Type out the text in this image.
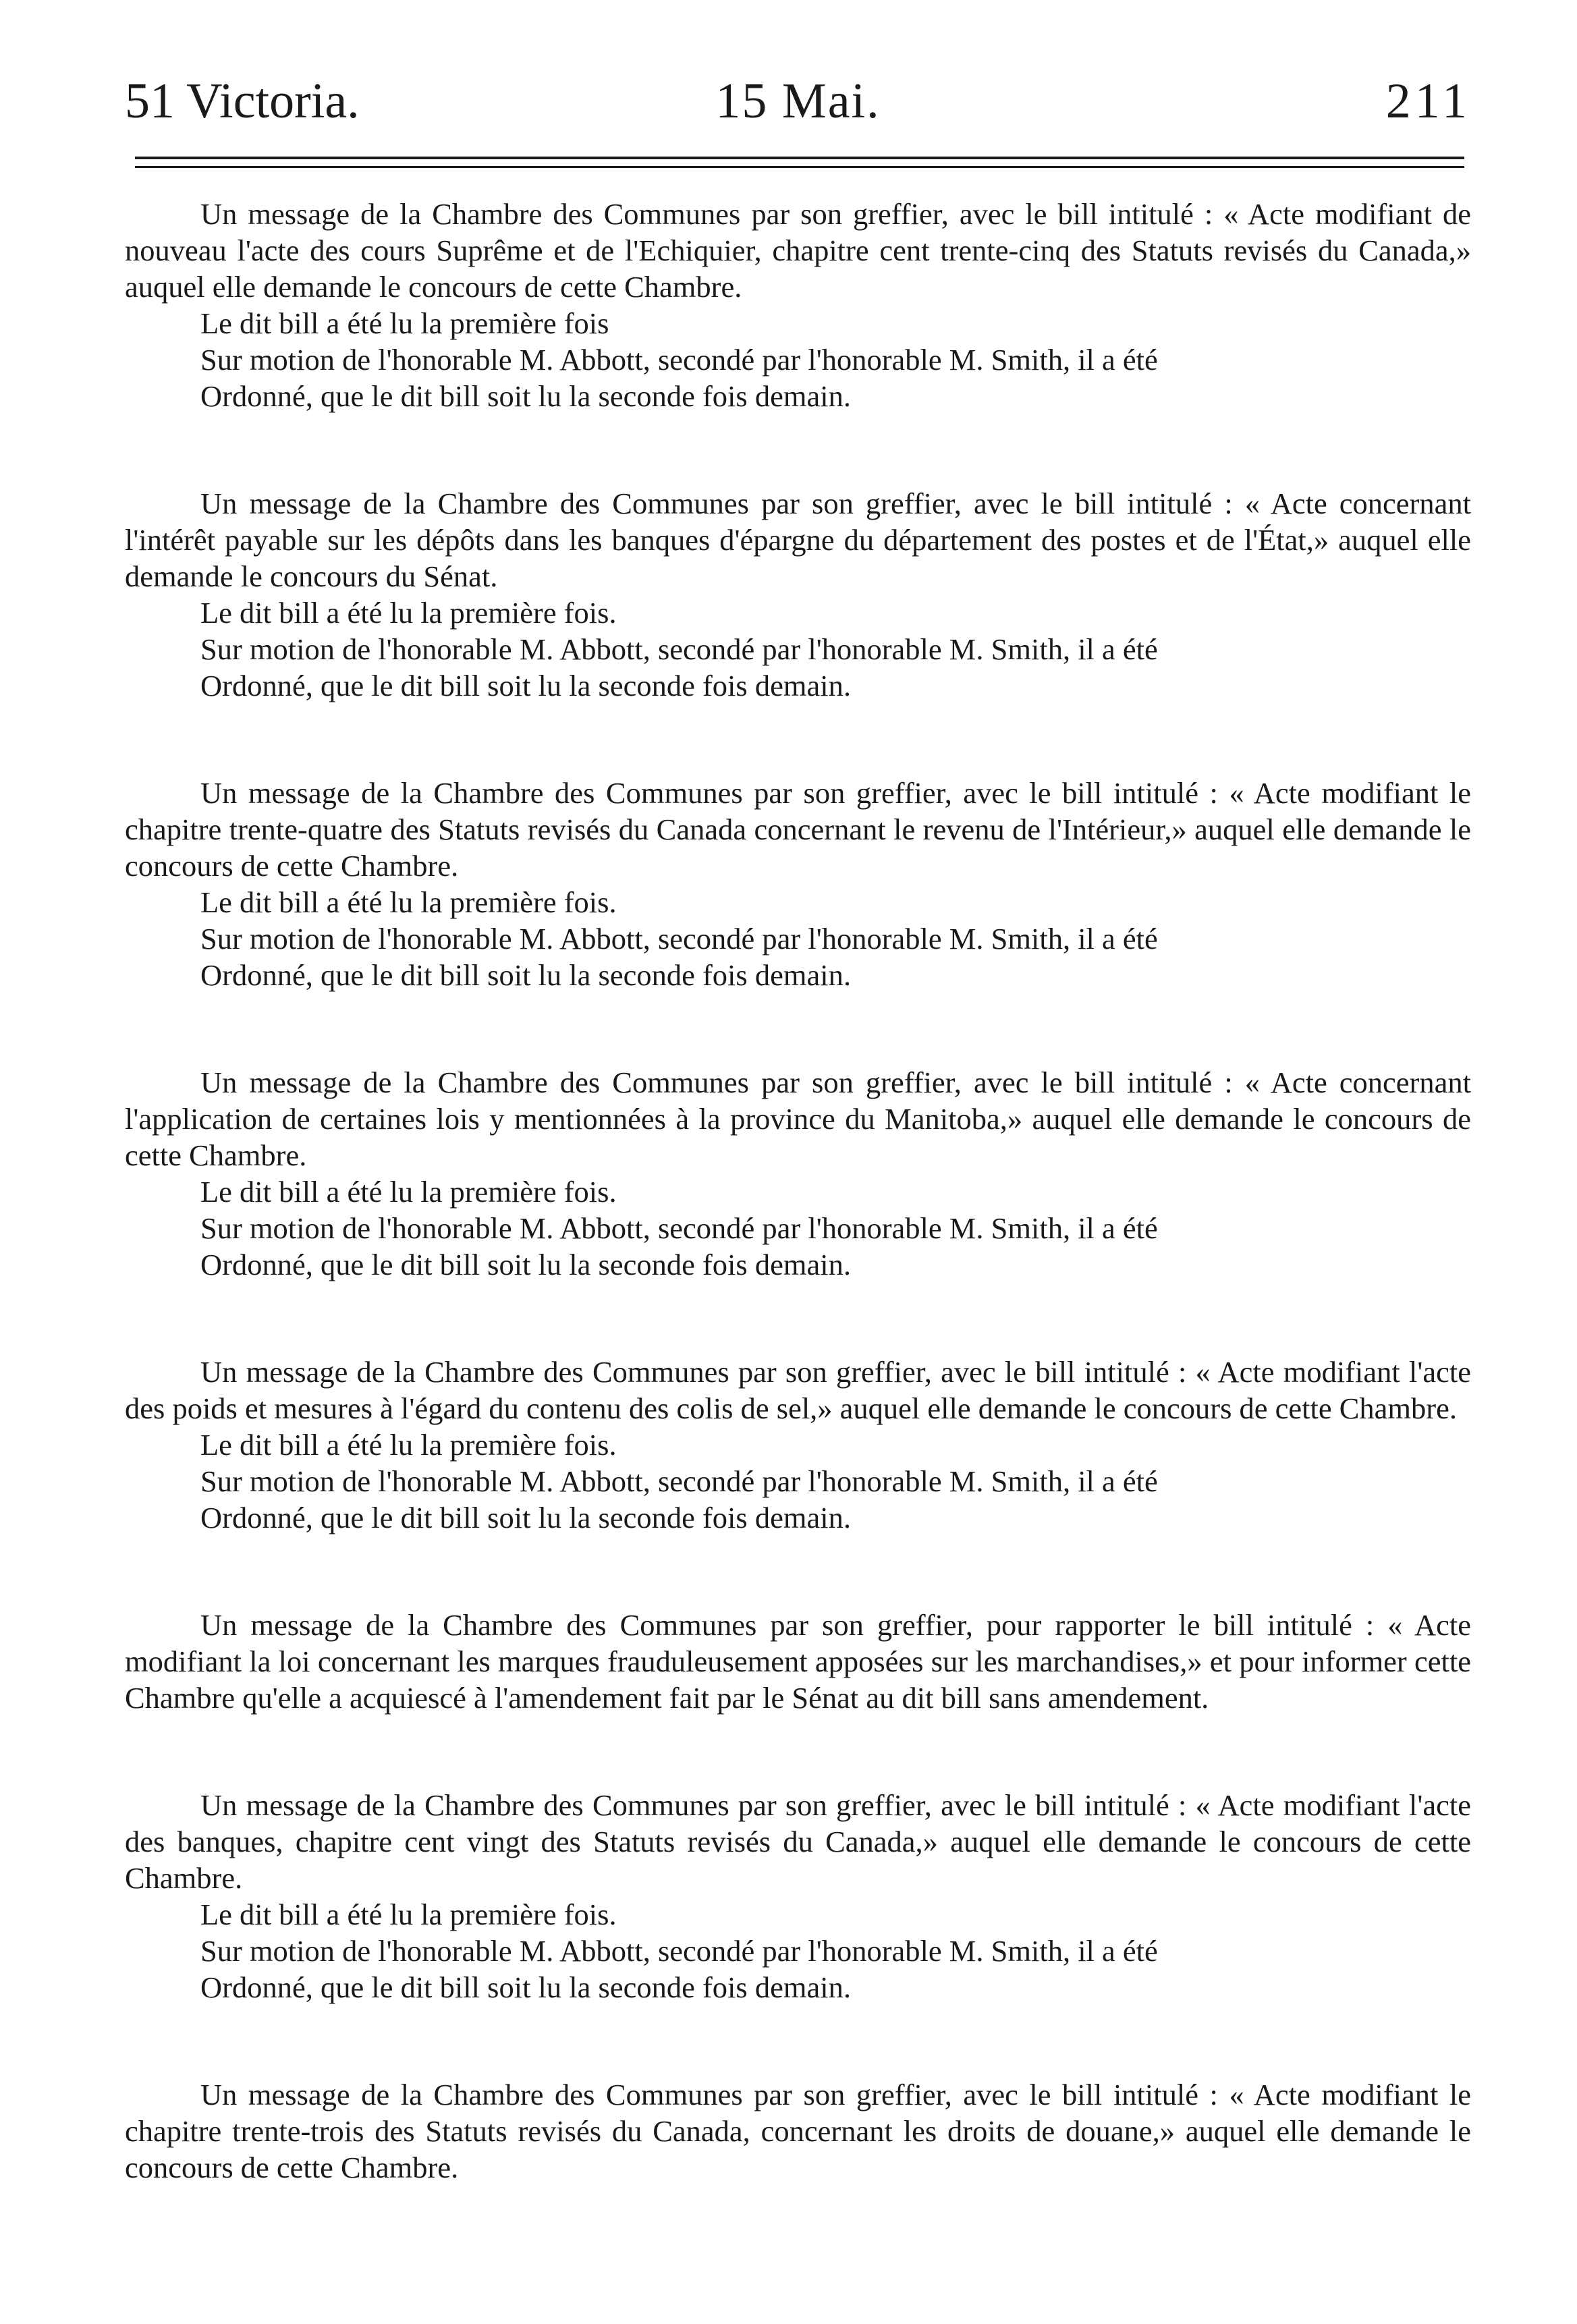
51 Victoria.	15 Mai.	211

Un message de la Chambre des Communes par son greffier, avec le bill intitulé : « Acte modifiant de nouveau l'acte des cours Suprême et de l'Echiquier, chapitre cent trente-cinq des Statuts revisés du Canada,» auquel elle demande le concours de cette Chambre.

Le dit bill a été lu la première fois

Sur motion de l'honorable M. Abbott, secondé par l'honorable M. Smith, il a été

Ordonné, que le dit bill soit lu la seconde fois demain.

Un message de la Chambre des Communes par son greffier, avec le bill intitulé : « Acte concernant l'intérêt payable sur les dépôts dans les banques d'épargne du département des postes et de l'État,» auquel elle demande le concours du Sénat.

Le dit bill a été lu la première fois.

Sur motion de l'honorable M. Abbott, secondé par l'honorable M. Smith, il a été

Ordonné, que le dit bill soit lu la seconde fois demain.

Un message de la Chambre des Communes par son greffier, avec le bill intitulé : « Acte modifiant le chapitre trente-quatre des Statuts revisés du Canada concernant le revenu de l'Intérieur,» auquel elle demande le concours de cette Chambre.

Le dit bill a été lu la première fois.

Sur motion de l'honorable M. Abbott, secondé par l'honorable M. Smith, il a été

Ordonné, que le dit bill soit lu la seconde fois demain.

Un message de la Chambre des Communes par son greffier, avec le bill intitulé : « Acte concernant l'application de certaines lois y mentionnées à la province du Manitoba,» auquel elle demande le concours de cette Chambre.

Le dit bill a été lu la première fois.

Sur motion de l'honorable M. Abbott, secondé par l'honorable M. Smith, il a été

Ordonné, que le dit bill soit lu la seconde fois demain.

Un message de la Chambre des Communes par son greffier, avec le bill intitulé : « Acte modifiant l'acte des poids et mesures à l'égard du contenu des colis de sel,» auquel elle demande le concours de cette Chambre.

Le dit bill a été lu la première fois.

Sur motion de l'honorable M. Abbott, secondé par l'honorable M. Smith, il a été

Ordonné, que le dit bill soit lu la seconde fois demain.

Un message de la Chambre des Communes par son greffier, pour rapporter le bill intitulé : « Acte modifiant la loi concernant les marques frauduleusement apposées sur les marchandises,» et pour informer cette Chambre qu'elle a acquiescé à l'amendement fait par le Sénat au dit bill sans amendement.

Un message de la Chambre des Communes par son greffier, avec le bill intitulé : « Acte modifiant l'acte des banques, chapitre cent vingt des Statuts revisés du Canada,» auquel elle demande le concours de cette Chambre.

Le dit bill a été lu la première fois.

Sur motion de l'honorable M. Abbott, secondé par l'honorable M. Smith, il a été

Ordonné, que le dit bill soit lu la seconde fois demain.

Un message de la Chambre des Communes par son greffier, avec le bill intitulé : « Acte modifiant le chapitre trente-trois des Statuts revisés du Canada, concernant les droits de douane,» auquel elle demande le concours de cette Chambre.
